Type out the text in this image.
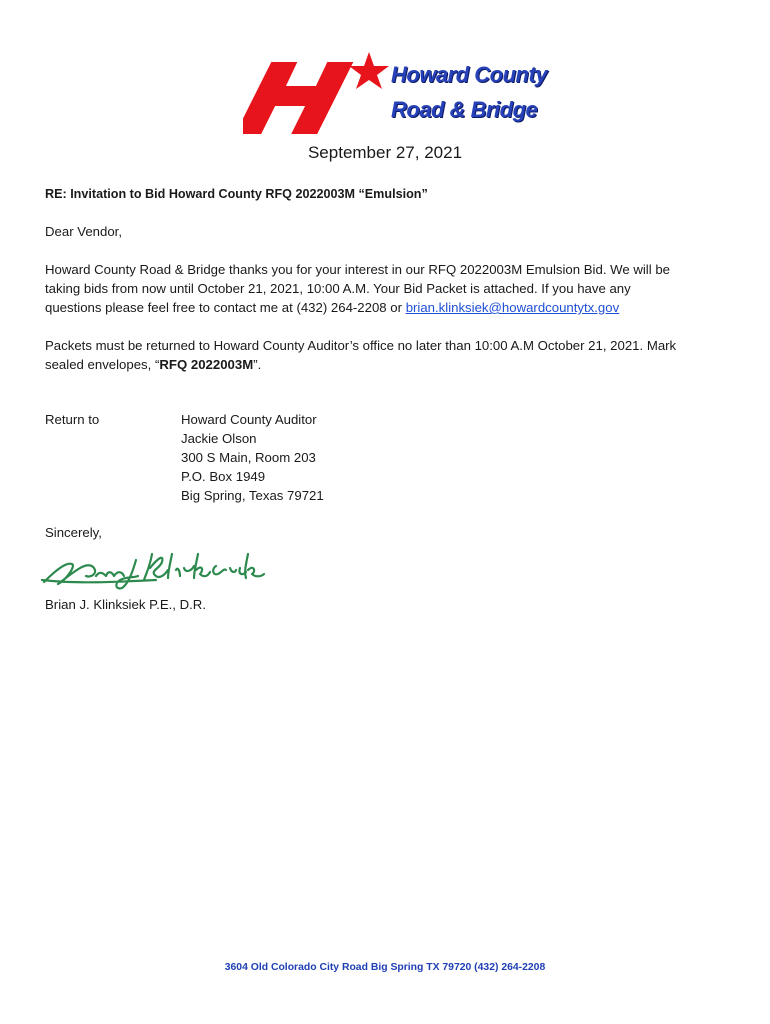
Howard County
Road & Bridge
September 27, 2021
RE: Invitation to Bid Howard County RFQ 2022003M “Emulsion”
Dear Vendor,
Howard County Road & Bridge thanks you for your interest in our RFQ 2022003M Emulsion Bid. We will be
taking bids from now until October 21, 2021, 10:00 A.M. Your Bid Packet is attached. If you have any
questions please feel free to contact me at (432) 264-2208 or brian.klinksiek@howardcountytx.gov
Packets must be returned to Howard County Auditor’s office no later than 10:00 A.M October 21, 2021. Mark
sealed envelopes, “RFQ 2022003M”.
Return to	Howard County Auditor
Jackie Olson
300 S Main, Room 203
P.O. Box 1949
Big Spring, Texas 79721
Sincerely,
Brian J. Klinksiek P.E., D.R.
3604 Old Colorado City Road Big Spring TX 79720 (432) 264-2208
